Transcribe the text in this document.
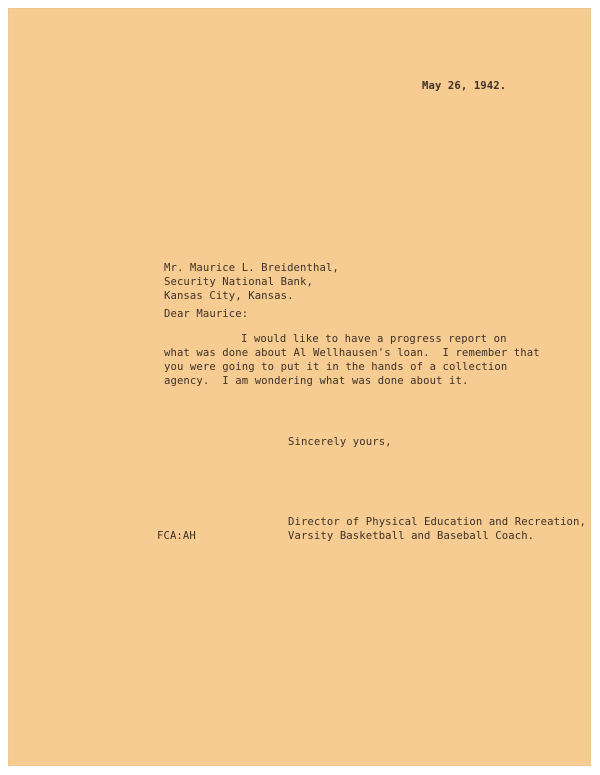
May 26, 1942.

Mr. Maurice L. Breidenthal,

Security National Bank,

Kansas City, Kansas.

Dear Maurice:

I would like to have a progress report on

what was done about Al Wellhausen's loan.  I remember that

you were going to put it in the hands of a collection

agency.  I am wondering what was done about it.

Sincerely yours,

Director of Physical Education and Recreation,

Varsity Basketball and Baseball Coach.

FCA:AH
